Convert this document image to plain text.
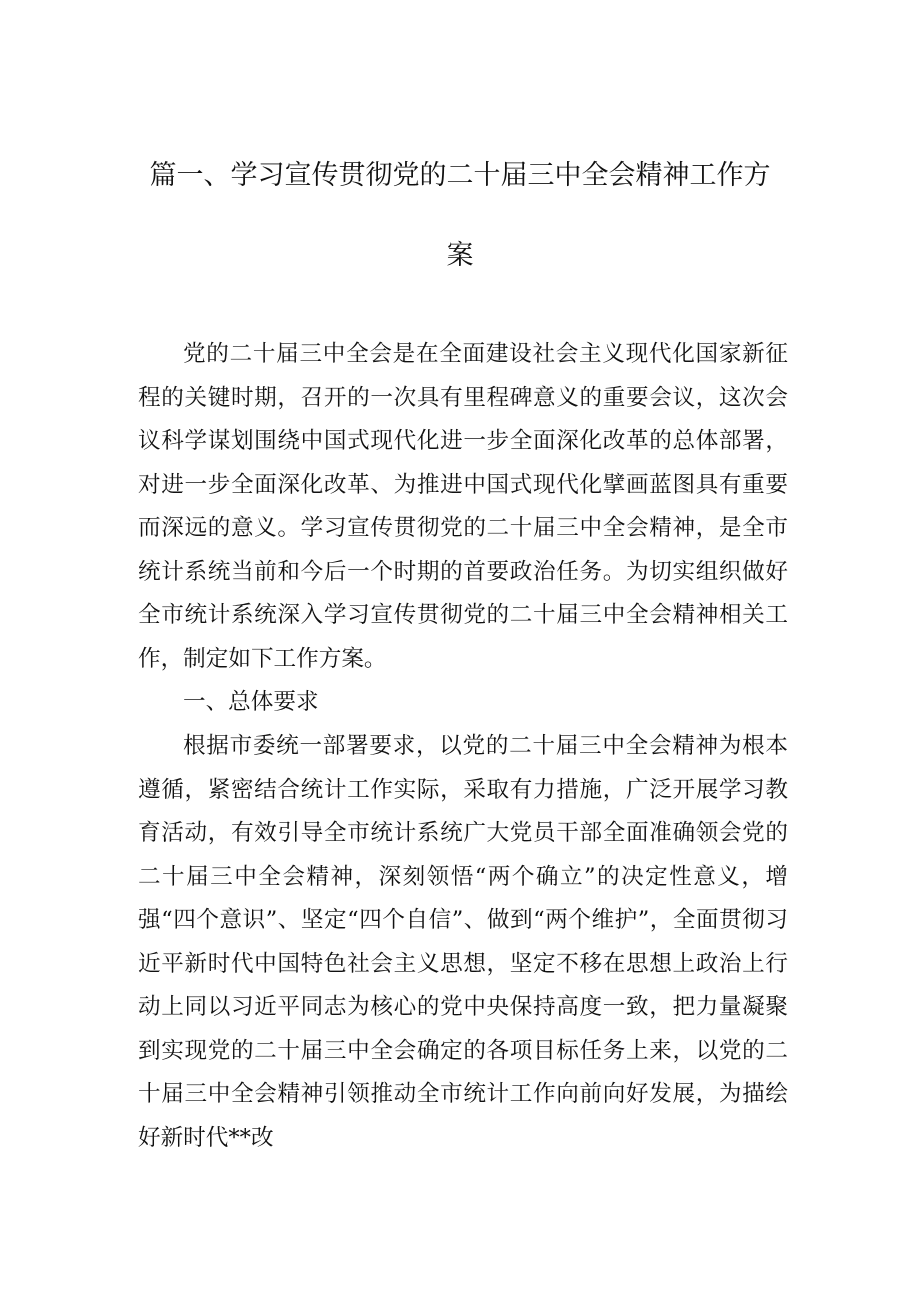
篇一、学习宣传贯彻党的二十届三中全会精神工作方
案

党的二十届三中全会是在全面建设社会主义现代化国家新征程的关键时期，召开的一次具有里程碑意义的重要会议，这次会议科学谋划围绕中国式现代化进一步全面深化改革的总体部署，对进一步全面深化改革、为推进中国式现代化擘画蓝图具有重要而深远的意义。学习宣传贯彻党的二十届三中全会精神，是全市统计系统当前和今后一个时期的首要政治任务。为切实组织做好全市统计系统深入学习宣传贯彻党的二十届三中全会精神相关工作，制定如下工作方案。

一、总体要求

根据市委统一部署要求，以党的二十届三中全会精神为根本遵循，紧密结合统计工作实际，采取有力措施，广泛开展学习教育活动，有效引导全市统计系统广大党员干部全面准确领会党的二十届三中全会精神，深刻领悟“两个确立”的决定性意义，增强“四个意识”、坚定“四个自信”、做到“两个维护”，全面贯彻习近平新时代中国特色社会主义思想，坚定不移在思想上政治上行动上同以习近平同志为核心的党中央保持高度一致，把力量凝聚到实现党的二十届三中全会确定的各项目标任务上来，以党的二十届三中全会精神引领推动全市统计工作向前向好发展，为描绘好新时代**改
